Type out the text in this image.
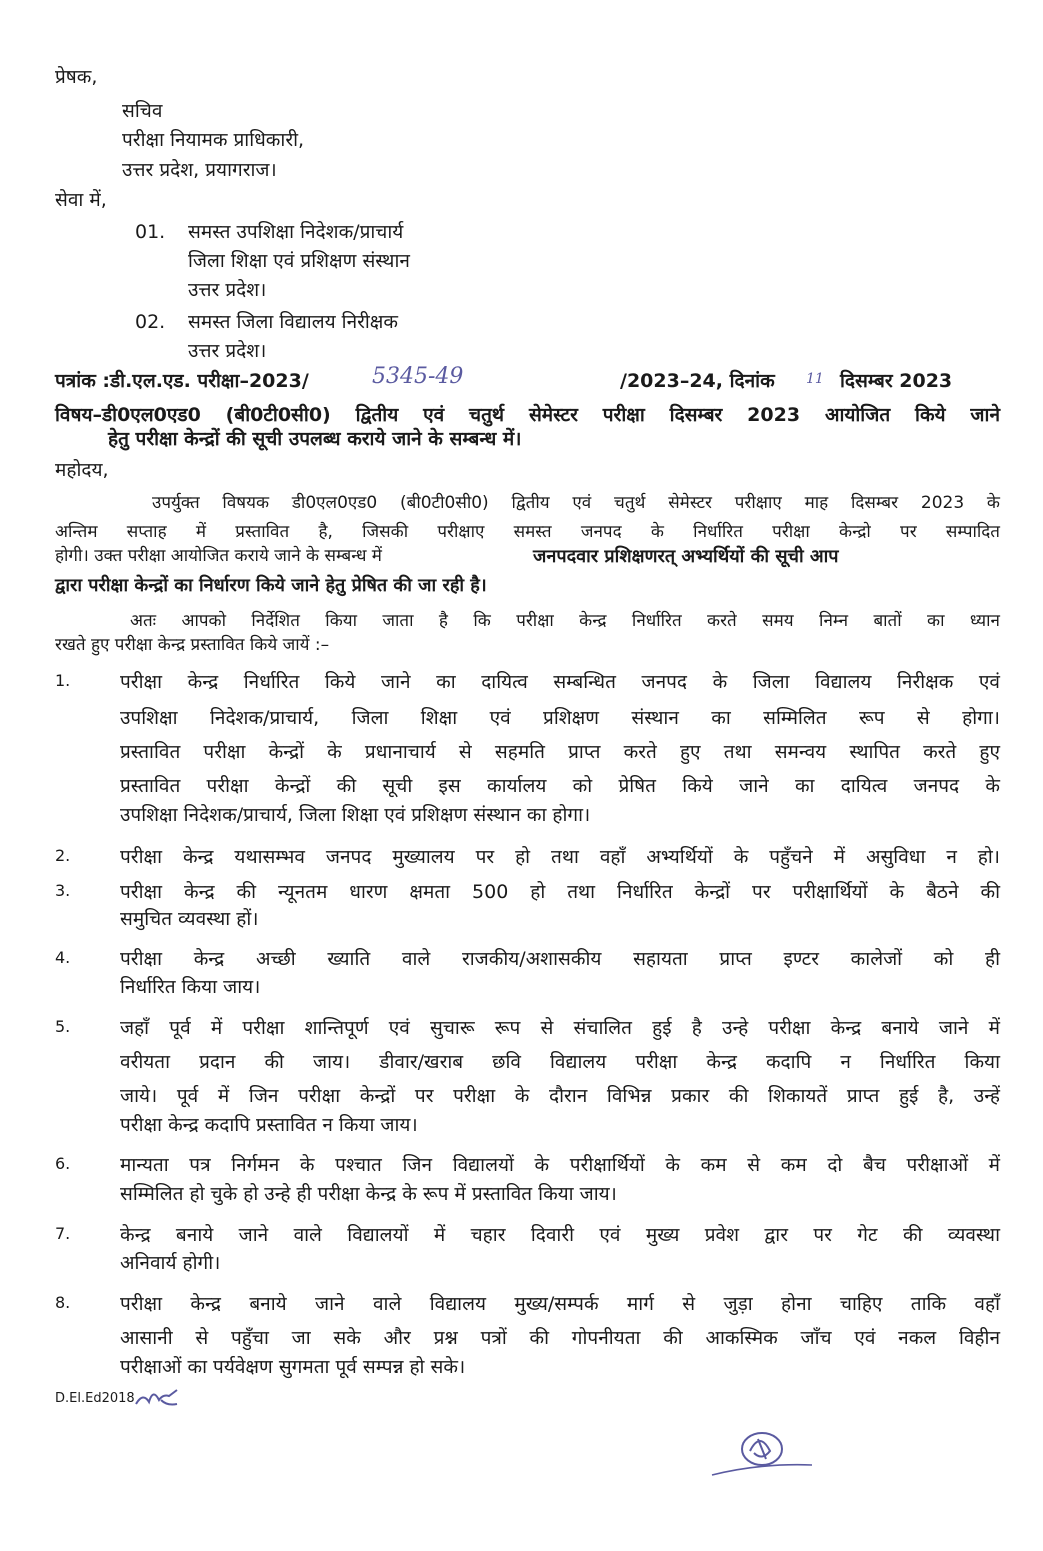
प्रेषक,
सचिव
परीक्षा नियामक प्राधिकारी,
उत्तर प्रदेश, प्रयागराज।
सेवा में,
01. समस्त उपशिक्षा निदेशक/प्राचार्य
जिला शिक्षा एवं प्रशिक्षण संस्थान
उत्तर प्रदेश।
02. समस्त जिला विद्यालय निरीक्षक
उत्तर प्रदेश।
पत्रांक :डी.एल.एड. परीक्षा–2023/	5345-49	/2023–24, दिनांक 11 दिसम्बर 2023
विषय–डी0एल0एड0 (बी0टी0सी0) द्वितीय एवं चतुर्थ सेमेस्टर परीक्षा दिसम्बर 2023 आयोजित किये जाने
हेतु परीक्षा केन्द्रों की सूची उपलब्ध कराये जाने के सम्बन्ध में।
महोदय,
उपर्युक्त विषयक डी0एल0एड0 (बी0टी0सी0) द्वितीय एवं चतुर्थ सेमेस्टर परीक्षाए माह दिसम्बर 2023 के
अन्तिम सप्ताह में प्रस्तावित है, जिसकी परीक्षाए समस्त जनपद के निर्धारित परीक्षा केन्द्रो पर सम्पादित
होगी। उक्त परीक्षा आयोजित कराये जाने के सम्बन्ध में	जनपदवार प्रशिक्षणरत् अभ्यर्थियों की सूची आप
द्वारा परीक्षा केन्द्रों का निर्धारण किये जाने हेतु प्रेषित की जा रही है।
अतः आपको निर्देशित किया जाता है कि परीक्षा केन्द्र निर्धारित करते समय निम्न बातों का ध्यान
रखते हुए परीक्षा केन्द्र प्रस्तावित किये जायें :–
1.	परीक्षा केन्द्र निर्धारित किये जाने का दायित्व सम्बन्धित जनपद के जिला विद्यालय निरीक्षक एवं
उपशिक्षा निदेशक/प्राचार्य, जिला शिक्षा एवं प्रशिक्षण संस्थान का सम्मिलित रूप से होगा।
प्रस्तावित परीक्षा केन्द्रों के प्रधानाचार्य से सहमति प्राप्त करते हुए तथा समन्वय स्थापित करते हुए
प्रस्तावित परीक्षा केन्द्रों की सूची इस कार्यालय को प्रेषित किये जाने का दायित्व जनपद के
उपशिक्षा निदेशक/प्राचार्य, जिला शिक्षा एवं प्रशिक्षण संस्थान का होगा।
2.	परीक्षा केन्द्र यथासम्भव जनपद मुख्यालय पर हो तथा वहाँ अभ्यर्थियों के पहुँचने में असुविधा न हो।
3.	परीक्षा केन्द्र की न्यूनतम धारण क्षमता 500 हो तथा निर्धारित केन्द्रों पर परीक्षार्थियों के बैठने की
समुचित व्यवस्था हों।
4.	परीक्षा केन्द्र अच्छी ख्याति वाले राजकीय/अशासकीय सहायता प्राप्त इण्टर कालेजों को ही
निर्धारित किया जाय।
5.	जहाँ पूर्व में परीक्षा शान्तिपूर्ण एवं सुचारू रूप से संचालित हुई है उन्हे परीक्षा केन्द्र बनाये जाने में
वरीयता प्रदान की जाय। डीवार/खराब छवि विद्यालय परीक्षा केन्द्र कदापि न निर्धारित किया
जाये। पूर्व में जिन परीक्षा केन्द्रों पर परीक्षा के दौरान विभिन्न प्रकार की शिकायतें प्राप्त हुई है, उन्हें
परीक्षा केन्द्र कदापि प्रस्तावित न किया जाय।
6.	मान्यता पत्र निर्गमन के पश्चात जिन विद्यालयों के परीक्षार्थियों के कम से कम दो बैच परीक्षाओं में
सम्मिलित हो चुके हो उन्हे ही परीक्षा केन्द्र के रूप में प्रस्तावित किया जाय।
7.	केन्द्र बनाये जाने वाले विद्यालयों में चहार दिवारी एवं मुख्य प्रवेश द्वार पर गेट की व्यवस्था
अनिवार्य होगी।
8.	परीक्षा केन्द्र बनाये जाने वाले विद्यालय मुख्य/सम्पर्क मार्ग से जुड़ा होना चाहिए ताकि वहाँ
आसानी से पहुँचा जा सके और प्रश्न पत्रों की गोपनीयता की आकस्मिक जाँच एवं नकल विहीन
परीक्षाओं का पर्यवेक्षण सुगमता पूर्व सम्पन्न हो सके।
D.El.Ed2018
